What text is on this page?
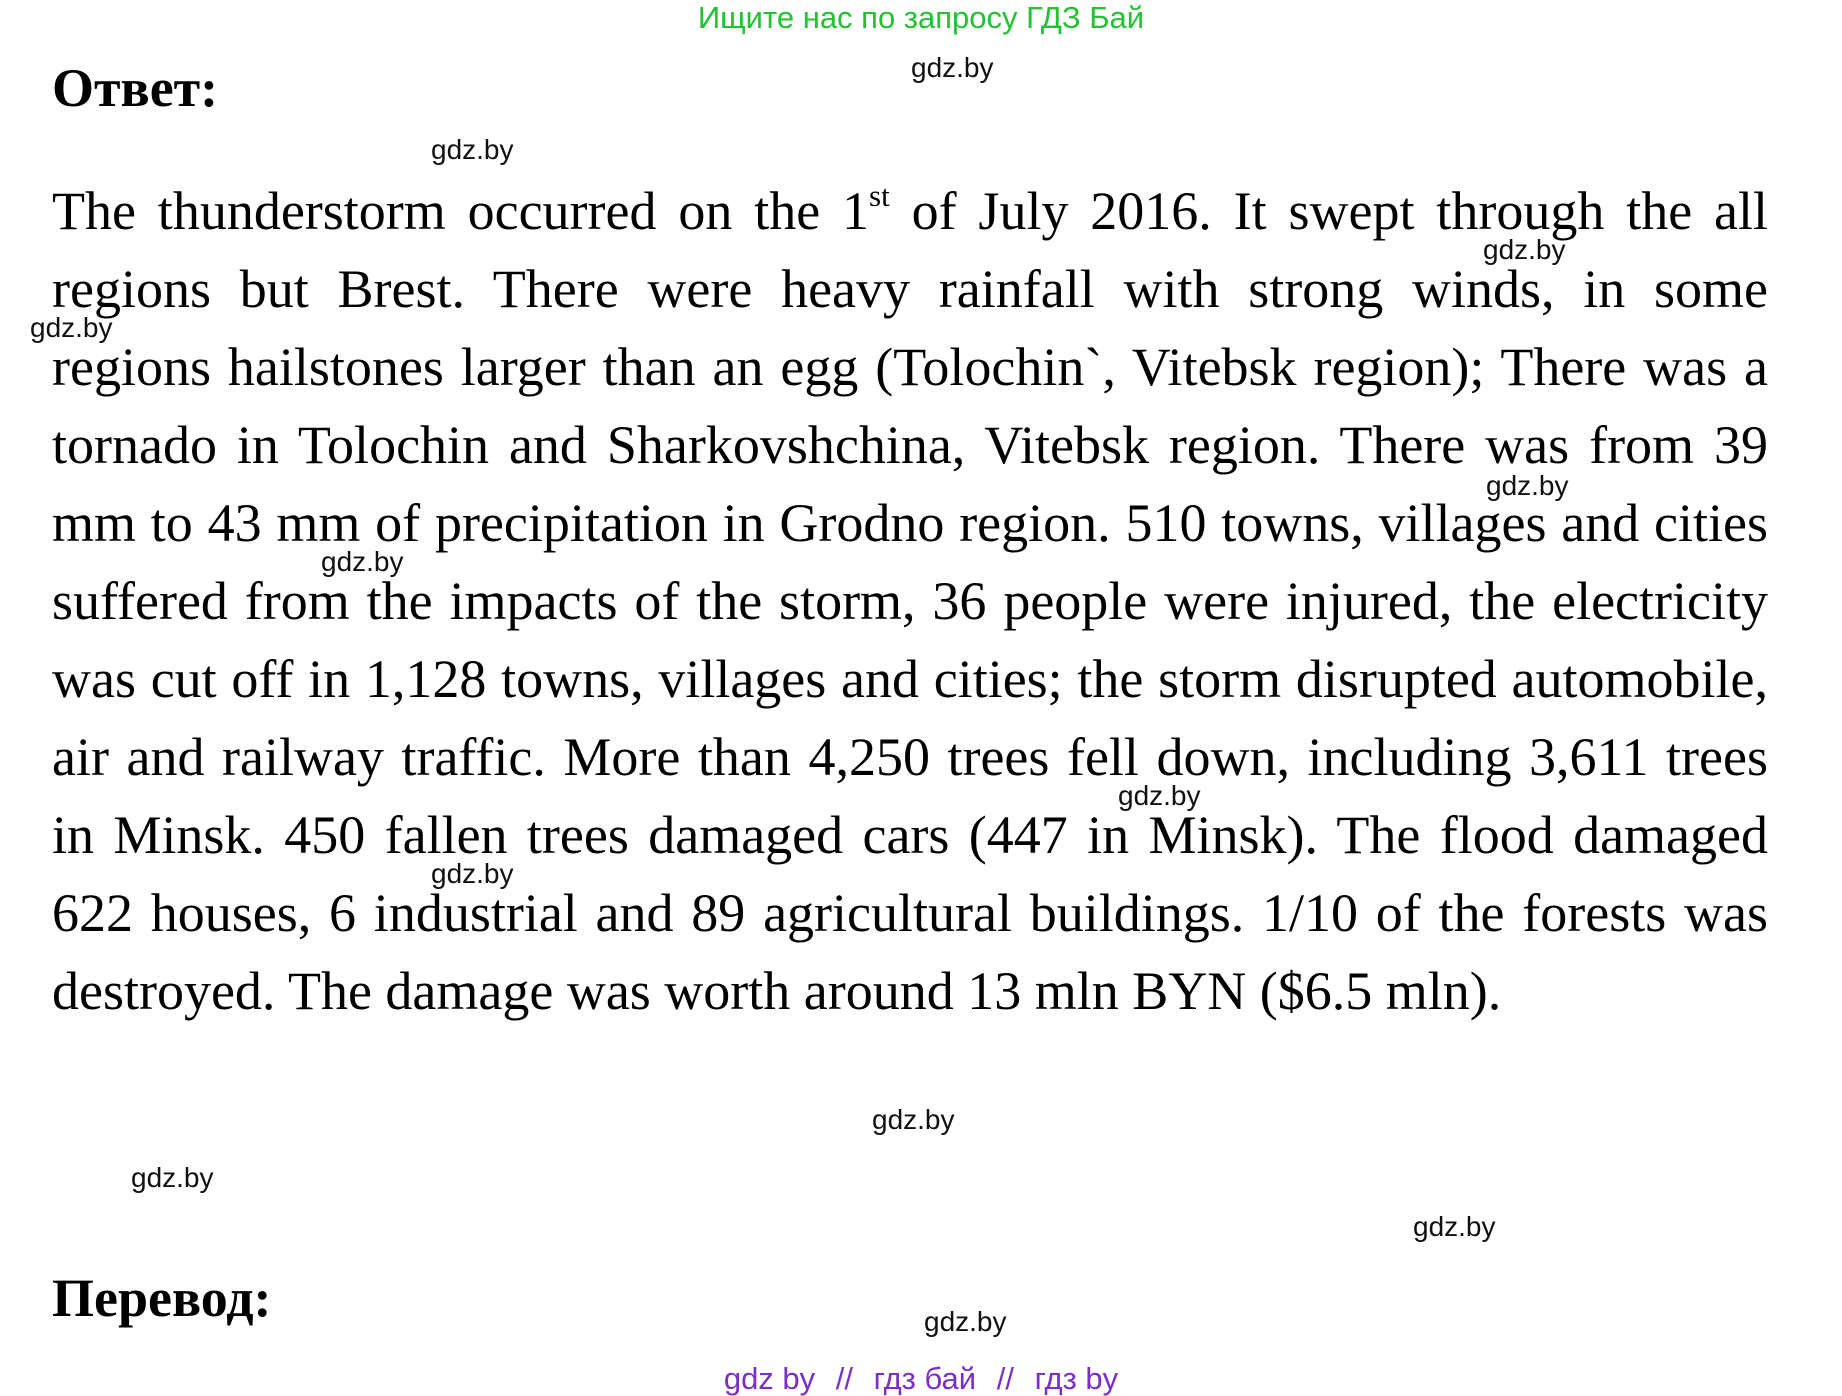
Ищите нас по запросу ГДЗ Бай
Ответ:

The thunderstorm occurred on the 1st of July 2016. It swept through the all regions but Brest. There were heavy rainfall with strong winds, in some regions hailstones larger than an egg (Tolochin`, Vitebsk region); There was a tornado in Tolochin and Sharkovshchina, Vitebsk region. There was from 39 mm to 43 mm of precipitation in Grodno region. 510 towns, villages and cities suffered from the impacts of the storm, 36 people were injured, the electricity was cut off in 1,128 towns, villages and cities; the storm disrupted automobile, air and railway traffic. More than 4,250 trees fell down, including 3,611 trees in Minsk. 450 fallen trees damaged cars (447 in Minsk). The flood damaged 622 houses, 6 industrial and 89 agricultural buildings. 1/10 of the forests was destroyed. The damage was worth around 13 mln BYN ($6.5 mln).

Перевод:
gdz.by
gdz.by
gdz.by
gdz.by
gdz.by
gdz.by
gdz.by
gdz.by
gdz.by
gdz.by
gdz.by
gdz.by
gdz by // гдз бай // гдз by
